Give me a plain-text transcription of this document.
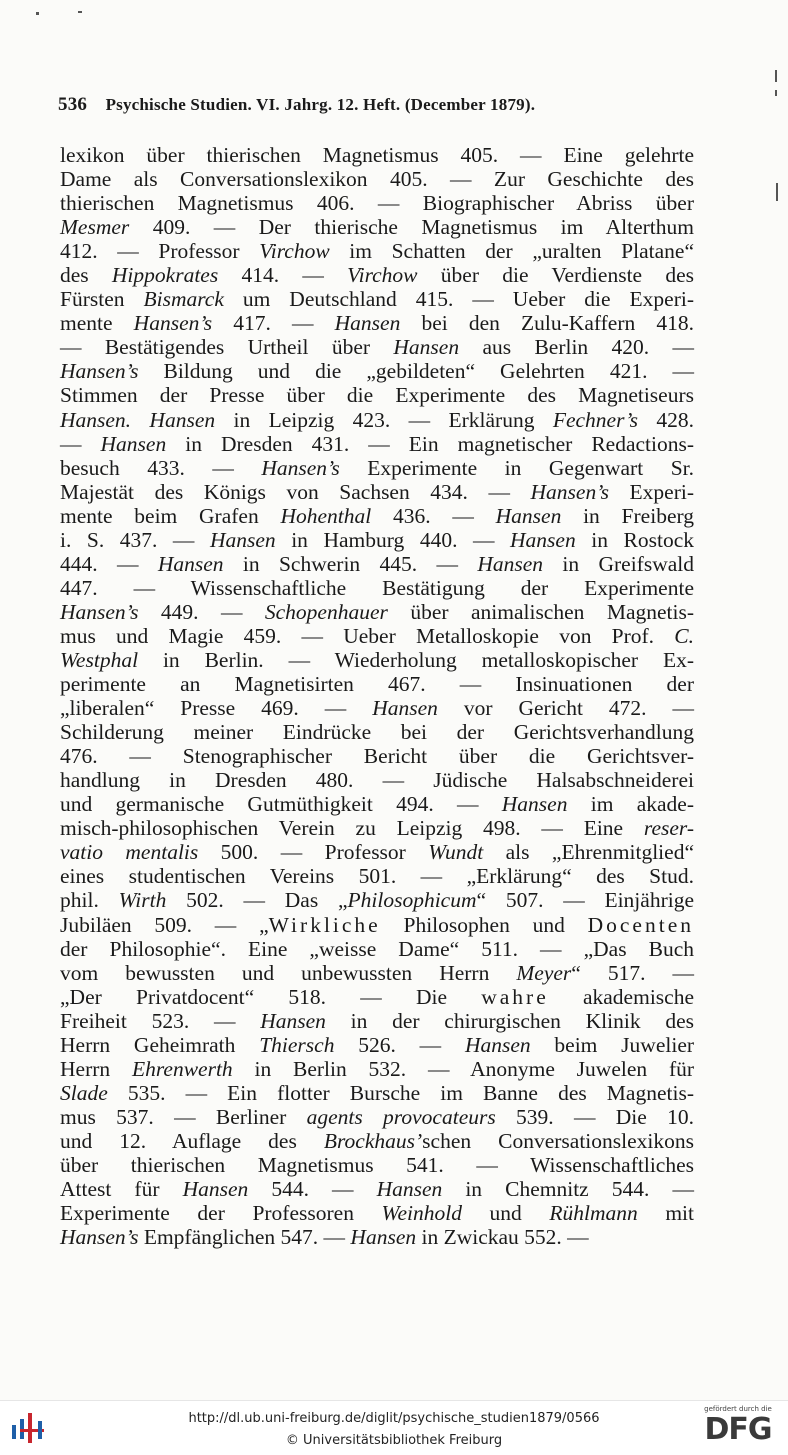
536 Psychische Studien. VI. Jahrg. 12. Heft. (December 1879).
lexikon über thierischen Magnetismus 405. — Eine gelehrte
Dame als Conversationslexikon 405. — Zur Geschichte des
thierischen Magnetismus 406. — Biographischer Abriss über
Mesmer 409. — Der thierische Magnetismus im Alterthum
412. — Professor Virchow im Schatten der „uralten Platane“
des Hippokrates 414. — Virchow über die Verdienste des
Fürsten Bismarck um Deutschland 415. — Ueber die Experi-
mente Hansen’s 417. — Hansen bei den Zulu-Kaffern 418.
— Bestätigendes Urtheil über Hansen aus Berlin 420. —
Hansen’s Bildung und die „gebildeten“ Gelehrten 421. —
Stimmen der Presse über die Experimente des Magnetiseurs
Hansen. Hansen in Leipzig 423. — Erklärung Fechner’s 428.
— Hansen in Dresden 431. — Ein magnetischer Redactions-
besuch 433. — Hansen’s Experimente in Gegenwart Sr.
Majestät des Königs von Sachsen 434. — Hansen’s Experi-
mente beim Grafen Hohenthal 436. — Hansen in Freiberg
i. S. 437. — Hansen in Hamburg 440. — Hansen in Rostock
444. — Hansen in Schwerin 445. — Hansen in Greifswald
447. — Wissenschaftliche Bestätigung der Experimente
Hansen’s 449. — Schopenhauer über animalischen Magnetis-
mus und Magie 459. — Ueber Metalloskopie von Prof. C.
Westphal in Berlin. — Wiederholung metalloskopischer Ex-
perimente an Magnetisirten 467. — Insinuationen der
„liberalen“ Presse 469. — Hansen vor Gericht 472. —
Schilderung meiner Eindrücke bei der Gerichtsverhandlung
476. — Stenographischer Bericht über die Gerichtsver-
handlung in Dresden 480. — Jüdische Halsabschneiderei
und germanische Gutmüthigkeit 494. — Hansen im akade-
misch-philosophischen Verein zu Leipzig 498. — Eine reser-
vatio mentalis 500. — Professor Wundt als „Ehrenmitglied“
eines studentischen Vereins 501. — „Erklärung“ des Stud.
phil. Wirth 502. — Das „Philosophicum“ 507. — Einjährige
Jubiläen 509. — „Wirkliche Philosophen und Docenten
der Philosophie“. Eine „weisse Dame“ 511. — „Das Buch
vom bewussten und unbewussten Herrn Meyer“ 517. —
„Der Privatdocent“ 518. — Die wahre akademische
Freiheit 523. — Hansen in der chirurgischen Klinik des
Herrn Geheimrath Thiersch 526. — Hansen beim Juwelier
Herrn Ehrenwerth in Berlin 532. — Anonyme Juwelen für
Slade 535. — Ein flotter Bursche im Banne des Magnetis-
mus 537. — Berliner agents provocateurs 539. — Die 10.
und 12. Auflage des Brockhaus’schen Conversationslexikons
über thierischen Magnetismus 541. — Wissenschaftliches
Attest für Hansen 544. — Hansen in Chemnitz 544. —
Experimente der Professoren Weinhold und Rühlmann mit
Hansen’s Empfänglichen 547. — Hansen in Zwickau 552. —
http://dl.ub.uni-freiburg.de/diglit/psychische_studien1879/0566
© Universitätsbibliothek Freiburg
gefördert durch die
DFG
